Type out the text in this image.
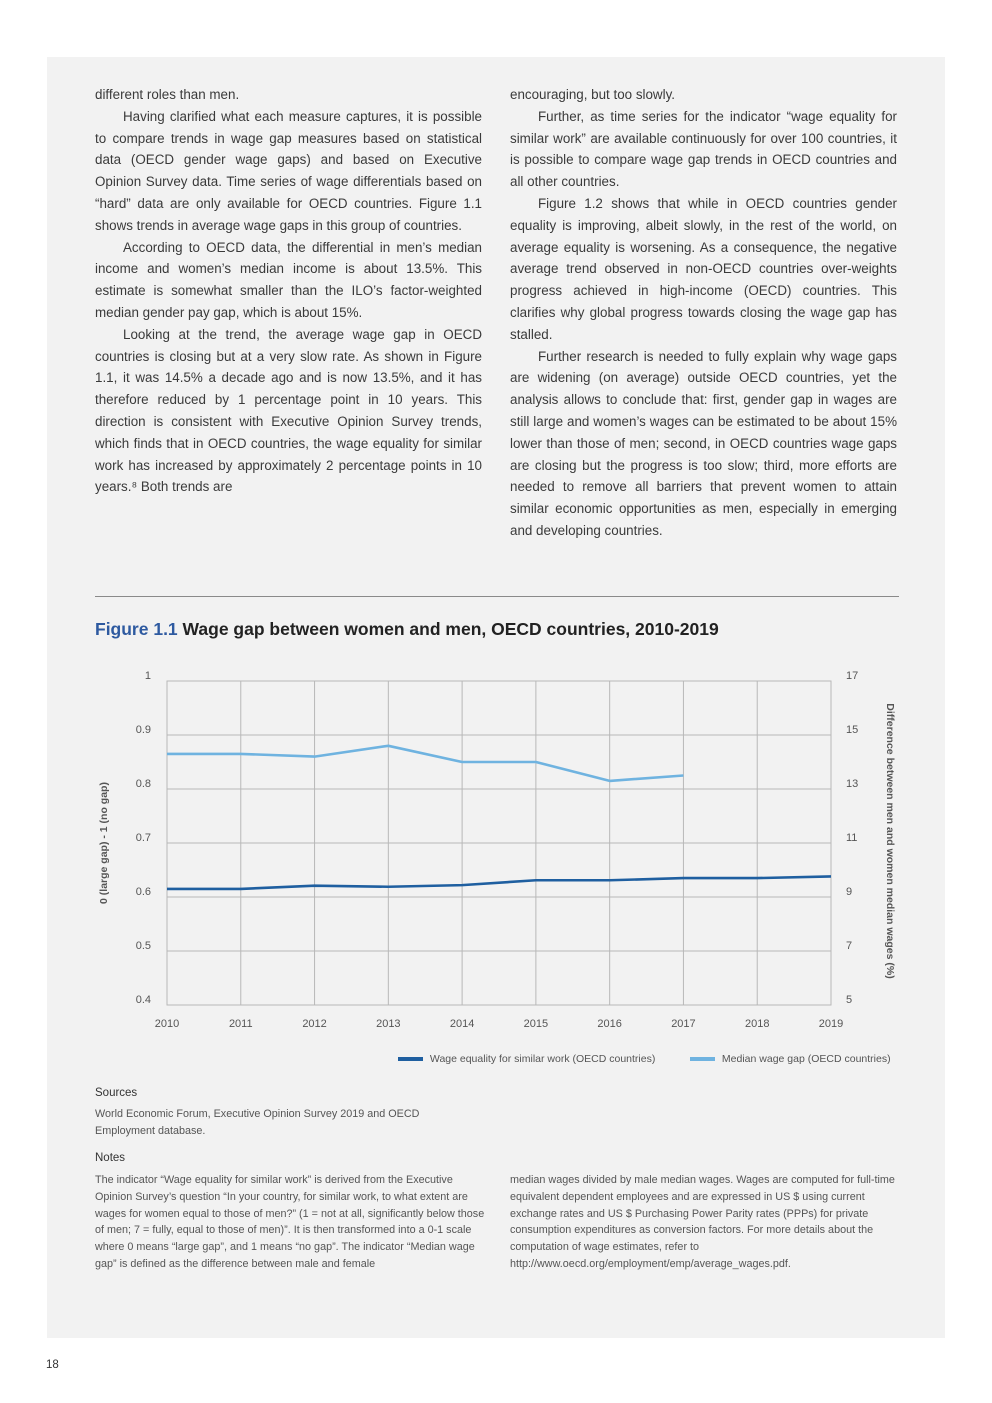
different roles than men.

Having clarified what each measure captures, it is possible to compare trends in wage gap measures based on statistical data (OECD gender wage gaps) and based on Executive Opinion Survey data. Time series of wage differentials based on “hard” data are only available for OECD countries. Figure 1.1 shows trends in average wage gaps in this group of countries.

According to OECD data, the differential in men’s median income and women’s median income is about 13.5%. This estimate is somewhat smaller than the ILO’s factor-weighted median gender pay gap, which is about 15%.

Looking at the trend, the average wage gap in OECD countries is closing but at a very slow rate. As shown in Figure 1.1, it was 14.5% a decade ago and is now 13.5%, and it has therefore reduced by 1 percentage point in 10 years. This direction is consistent with Executive Opinion Survey trends, which finds that in OECD countries, the wage equality for similar work has increased by approximately 2 percentage points in 10 years.⁸ Both trends are

encouraging, but too slowly.

Further, as time series for the indicator “wage equality for similar work” are available continuously for over 100 countries, it is possible to compare wage gap trends in OECD countries and all other countries.

Figure 1.2 shows that while in OECD countries gender equality is improving, albeit slowly, in the rest of the world, on average equality is worsening. As a consequence, the negative average trend observed in non-OECD countries over-weights progress achieved in high-income (OECD) countries. This clarifies why global progress towards closing the wage gap has stalled.

Further research is needed to fully explain why wage gaps are widening (on average) outside OECD countries, yet the analysis allows to conclude that: first, gender gap in wages are still large and women’s wages can be estimated to be about 15% lower than those of men; second, in OECD countries wage gaps are closing but the progress is too slow; third, more efforts are needed to remove all barriers that prevent women to attain similar economic opportunities as men, especially in emerging and developing countries.

Figure 1.1 Wage gap between women and men, OECD countries, 2010-2019
0.4	5
0.5	7
0.6	9
0.7	11
0.8	13
0.9	15
1	17
2010	2011	2012	2013	2014	2015	2016	2017	2018	2019
0 (large gap) - 1 (no gap)	Difference between men and women median wages (%)
Wage equality for similar work (OECD countries)	Median wage gap (OECD countries)
Sources
World Economic Forum, Executive Opinion Survey 2019 and OECD Employment database.
Notes
The indicator “Wage equality for similar work” is derived from the Executive Opinion Survey’s question “In your country, for similar work, to what extent are wages for women equal to those of men?” (1 = not at all, significantly below those of men; 7 = fully, equal to those of men)”. It is then transformed into a 0-1 scale where 0 means “large gap”, and 1 means “no gap”. The indicator “Median wage gap” is defined as the difference between male and female
median wages divided by male median wages. Wages are computed for full-time equivalent dependent employees and are expressed in US $ using current exchange rates and US $ Purchasing Power Parity rates (PPPs) for private consumption expenditures as conversion factors. For more details about the computation of wage estimates, refer to http://www.oecd.org/employment/emp/average_wages.pdf.
18
